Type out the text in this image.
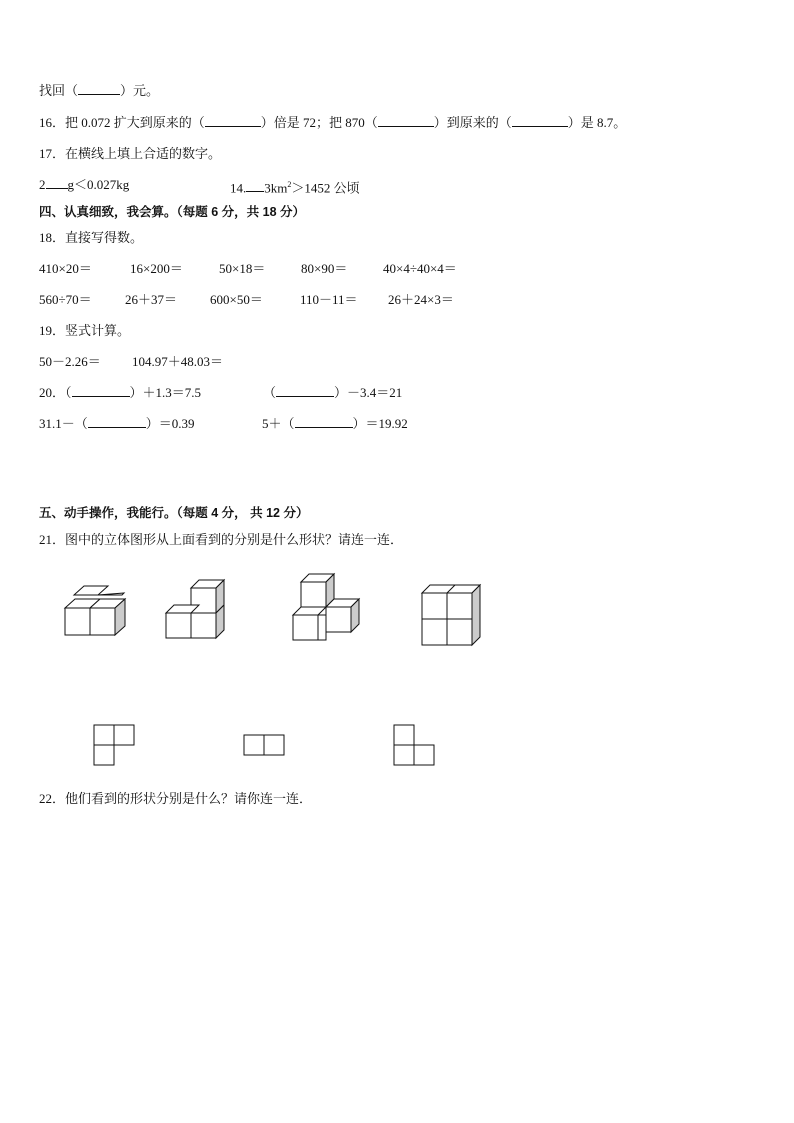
找回（	）元。
16．把 0.072 扩大到原来的（	）倍是 72；把 870（	）到原来的（	）是 8.7。
17．在横线上填上合适的数字。
2 g＜0.027kg	14. $3km^2>1452$ 公顷
四、认真细致，我会算。（每题 6 分，共 18 分）
18．直接写得数。
410×20＝	16×200＝	50×18＝	80×90＝	40×4÷40×4＝
560÷70＝	26＋37＝	600×50＝	110－11＝ 26＋24×3＝
19．竖式计算。
50－2.26＝ 104.97＋48.03＝
20．（	）＋1.3＝7.5	（	）－3.4＝21
31.1－（	）＝0.39	5＋（	）＝19.92
五、动手操作，我能行。（每题 4 分， 共 12 分）
21．图中的立体图形从上面看到的分别是什么形状？请连一连．
22．他们看到的形状分别是什么？请你连一连．
